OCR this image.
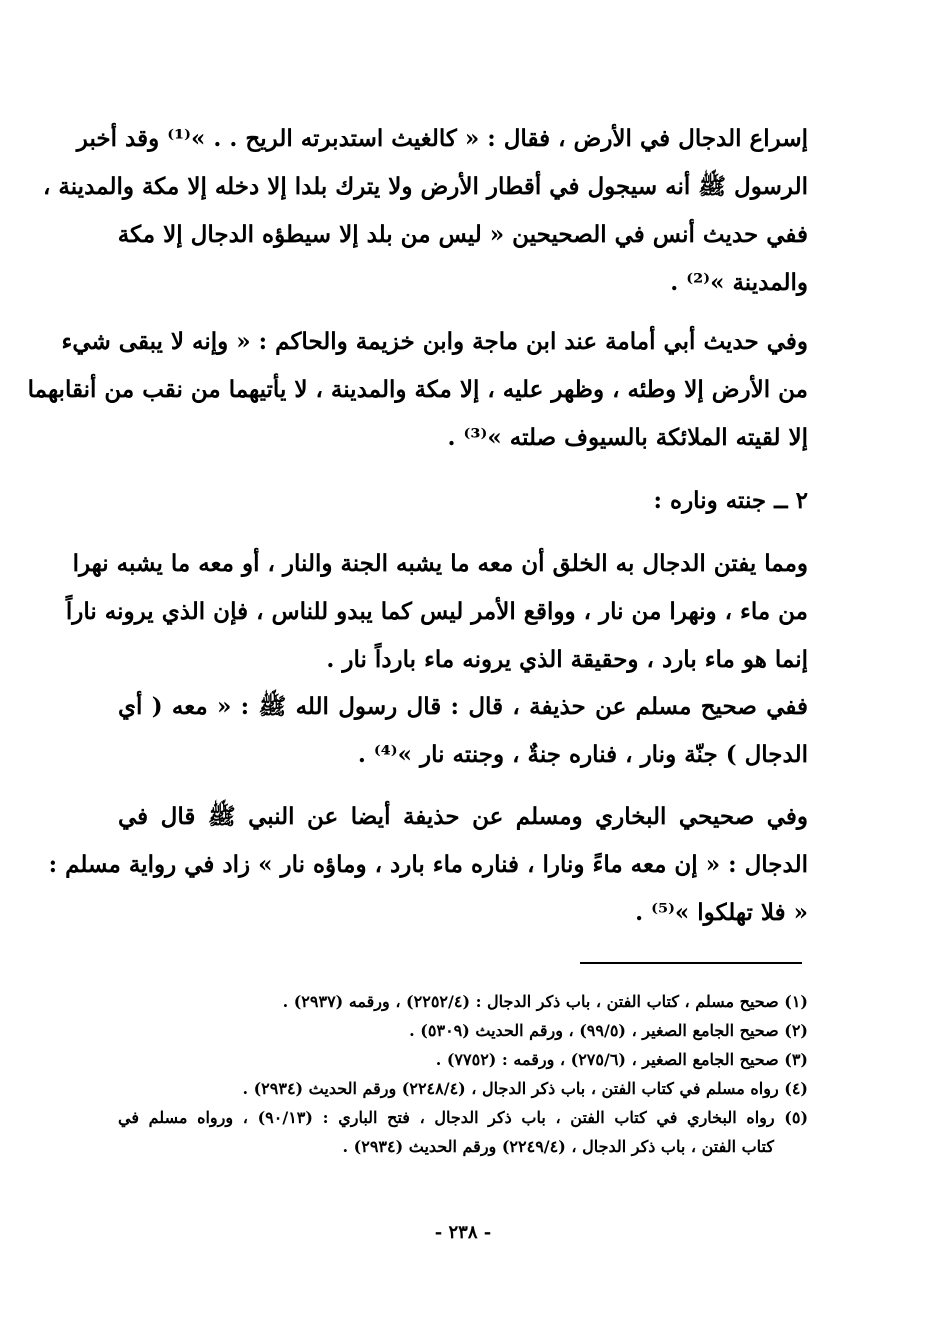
إسراع الدجال في الأرض ، فقال : « كالغيث استدبرته الريح . . »⁽¹⁾ وقد أخبر
الرسول ﷺ أنه سيجول في أقطار الأرض ولا يترك بلدا إلا دخله إلا مكة والمدينة ،
ففي حديث أنس في الصحيحين « ليس من بلد إلا سيطؤه الدجال إلا مكة
والمدينة »⁽²⁾ .
وفي حديث أبي أمامة عند ابن ماجة وابن خزيمة والحاكم : « وإنه لا يبقى شيء
من الأرض إلا وطئه ، وظهر عليه ، إلا مكة والمدينة ، لا يأتيهما من نقب من أنقابهما
إلا لقيته الملائكة بالسيوف صلته »⁽³⁾ .
٢ ــ جنته وناره :
ومما يفتن الدجال به الخلق أن معه ما يشبه الجنة والنار ، أو معه ما يشبه نهرا
من ماء ، ونهرا من نار ، وواقع الأمر ليس كما يبدو للناس ، فإن الذي يرونه ناراً
إنما هو ماء بارد ، وحقيقة الذي يرونه ماء بارداً نار .
ففي صحيح مسلم عن حذيفة ، قال : قال رسول الله ﷺ : « معه ( أي
الدجال ) جنّة ونار ، فناره جنةٌ ، وجنته نار »⁽⁴⁾ .
وفي صحيحي البخاري ومسلم عن حذيفة أيضا عن النبي ﷺ قال في
الدجال : « إن معه ماءً ونارا ، فناره ماء بارد ، وماؤه نار » زاد في رواية مسلم :
« فلا تهلكوا »⁽⁵⁾ .
(١) صحيح مسلم ، كتاب الفتن ، باب ذكر الدجال : (٢٢٥٢/٤) ، ورقمه (٢٩٣٧) .
(٢) صحيح الجامع الصغير ، (٩٩/٥) ، ورقم الحديث (٥٣٠٩) .
(٣) صحيح الجامع الصغير ، (٢٧٥/٦) ، ورقمه : (٧٧٥٢) .
(٤) رواه مسلم في كتاب الفتن ، باب ذكر الدجال ، (٢٢٤٨/٤) ورقم الحديث (٢٩٣٤) .
(٥) رواه البخاري في كتاب الفتن ، باب ذكر الدجال ، فتح الباري : (٩٠/١٣) ، ورواه مسلم في
كتاب الفتن ، باب ذكر الدجال ، (٢٢٤٩/٤) ورقم الحديث (٢٩٣٤) .
- ٢٣٨ -
